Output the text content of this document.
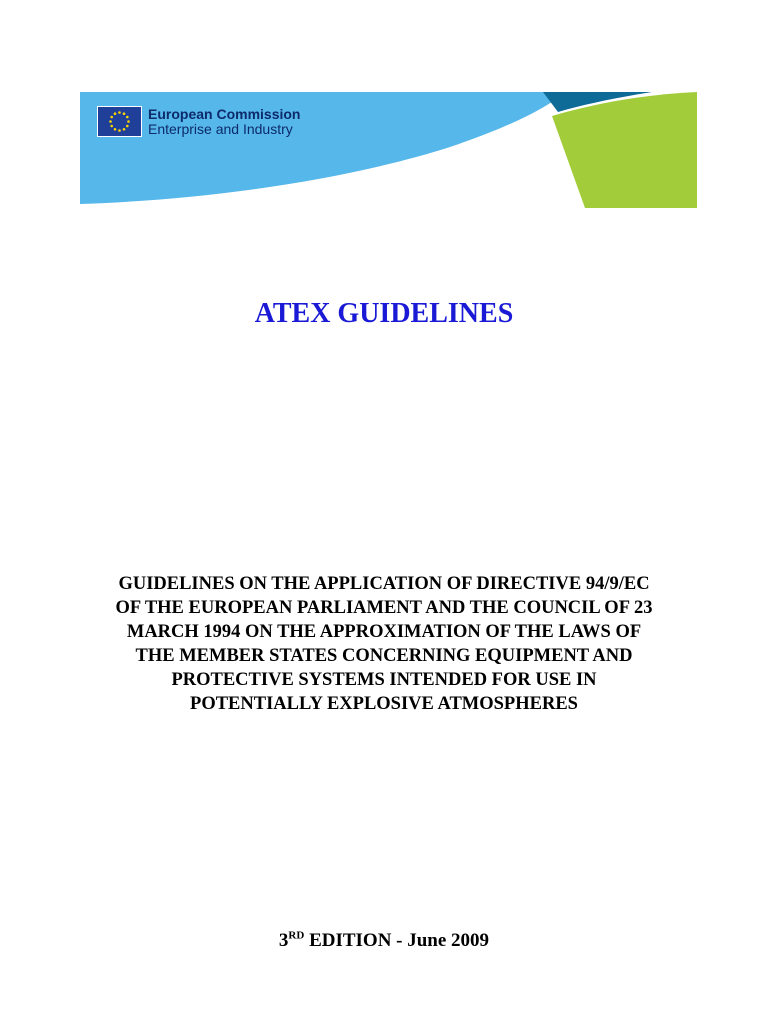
European Commission
Enterprise and Industry
ATEX GUIDELINES

GUIDELINES ON THE APPLICATION OF DIRECTIVE 94/9/EC OF THE EUROPEAN PARLIAMENT AND THE COUNCIL OF 23 MARCH 1994 ON THE APPROXIMATION OF THE LAWS OF THE MEMBER STATES CONCERNING EQUIPMENT AND PROTECTIVE SYSTEMS INTENDED FOR USE IN POTENTIALLY EXPLOSIVE ATMOSPHERES

3RD EDITION - June 2009
